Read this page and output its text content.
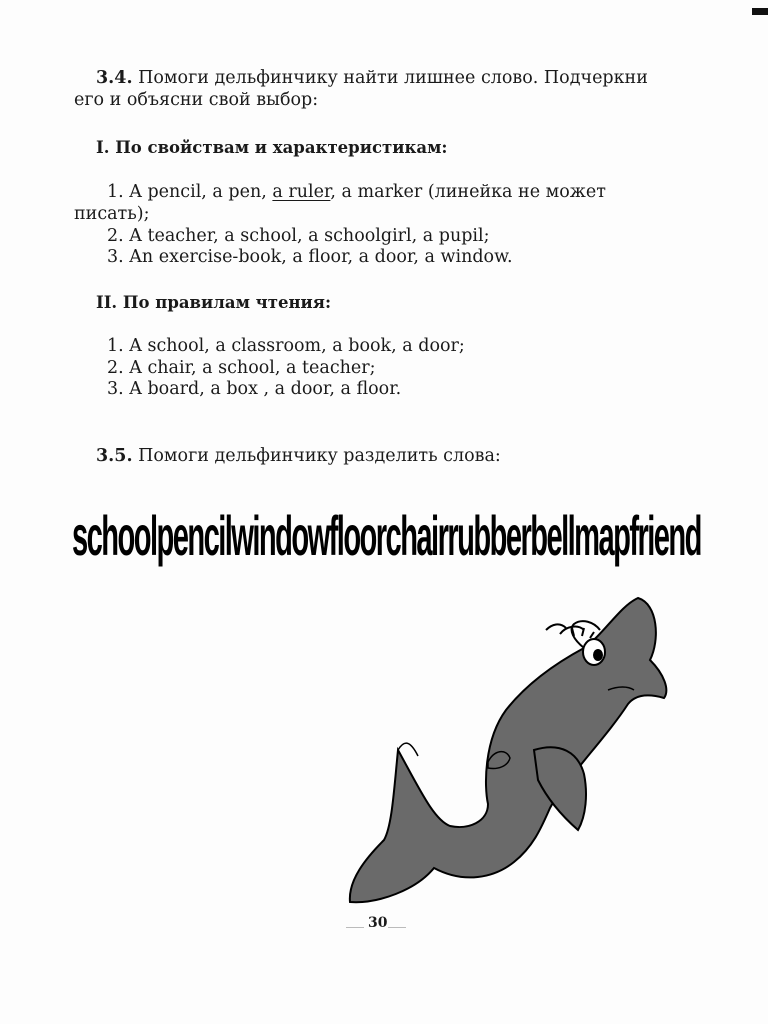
3.4. Помоги дельфинчику найти лишнее слово. Подчеркни
его и объясни свой выбор:
I. По свойствам и характеристикам:
1. A pencil, a pen, a ruler, a marker (линейка не может
писать);
2. A teacher, a school, a schoolgirl, a pupil;
3. An exercise-book, a floor, a door, a window.
II. По правилам чтения:
1. A school, a classroom, a book, a door;
2. A chair, a school, a teacher;
3. A board, a box , a door, a floor.
3.5. Помоги дельфинчику разделить слова:
schoolpencilwindowfloorchairrubberbellmapfriend
30
